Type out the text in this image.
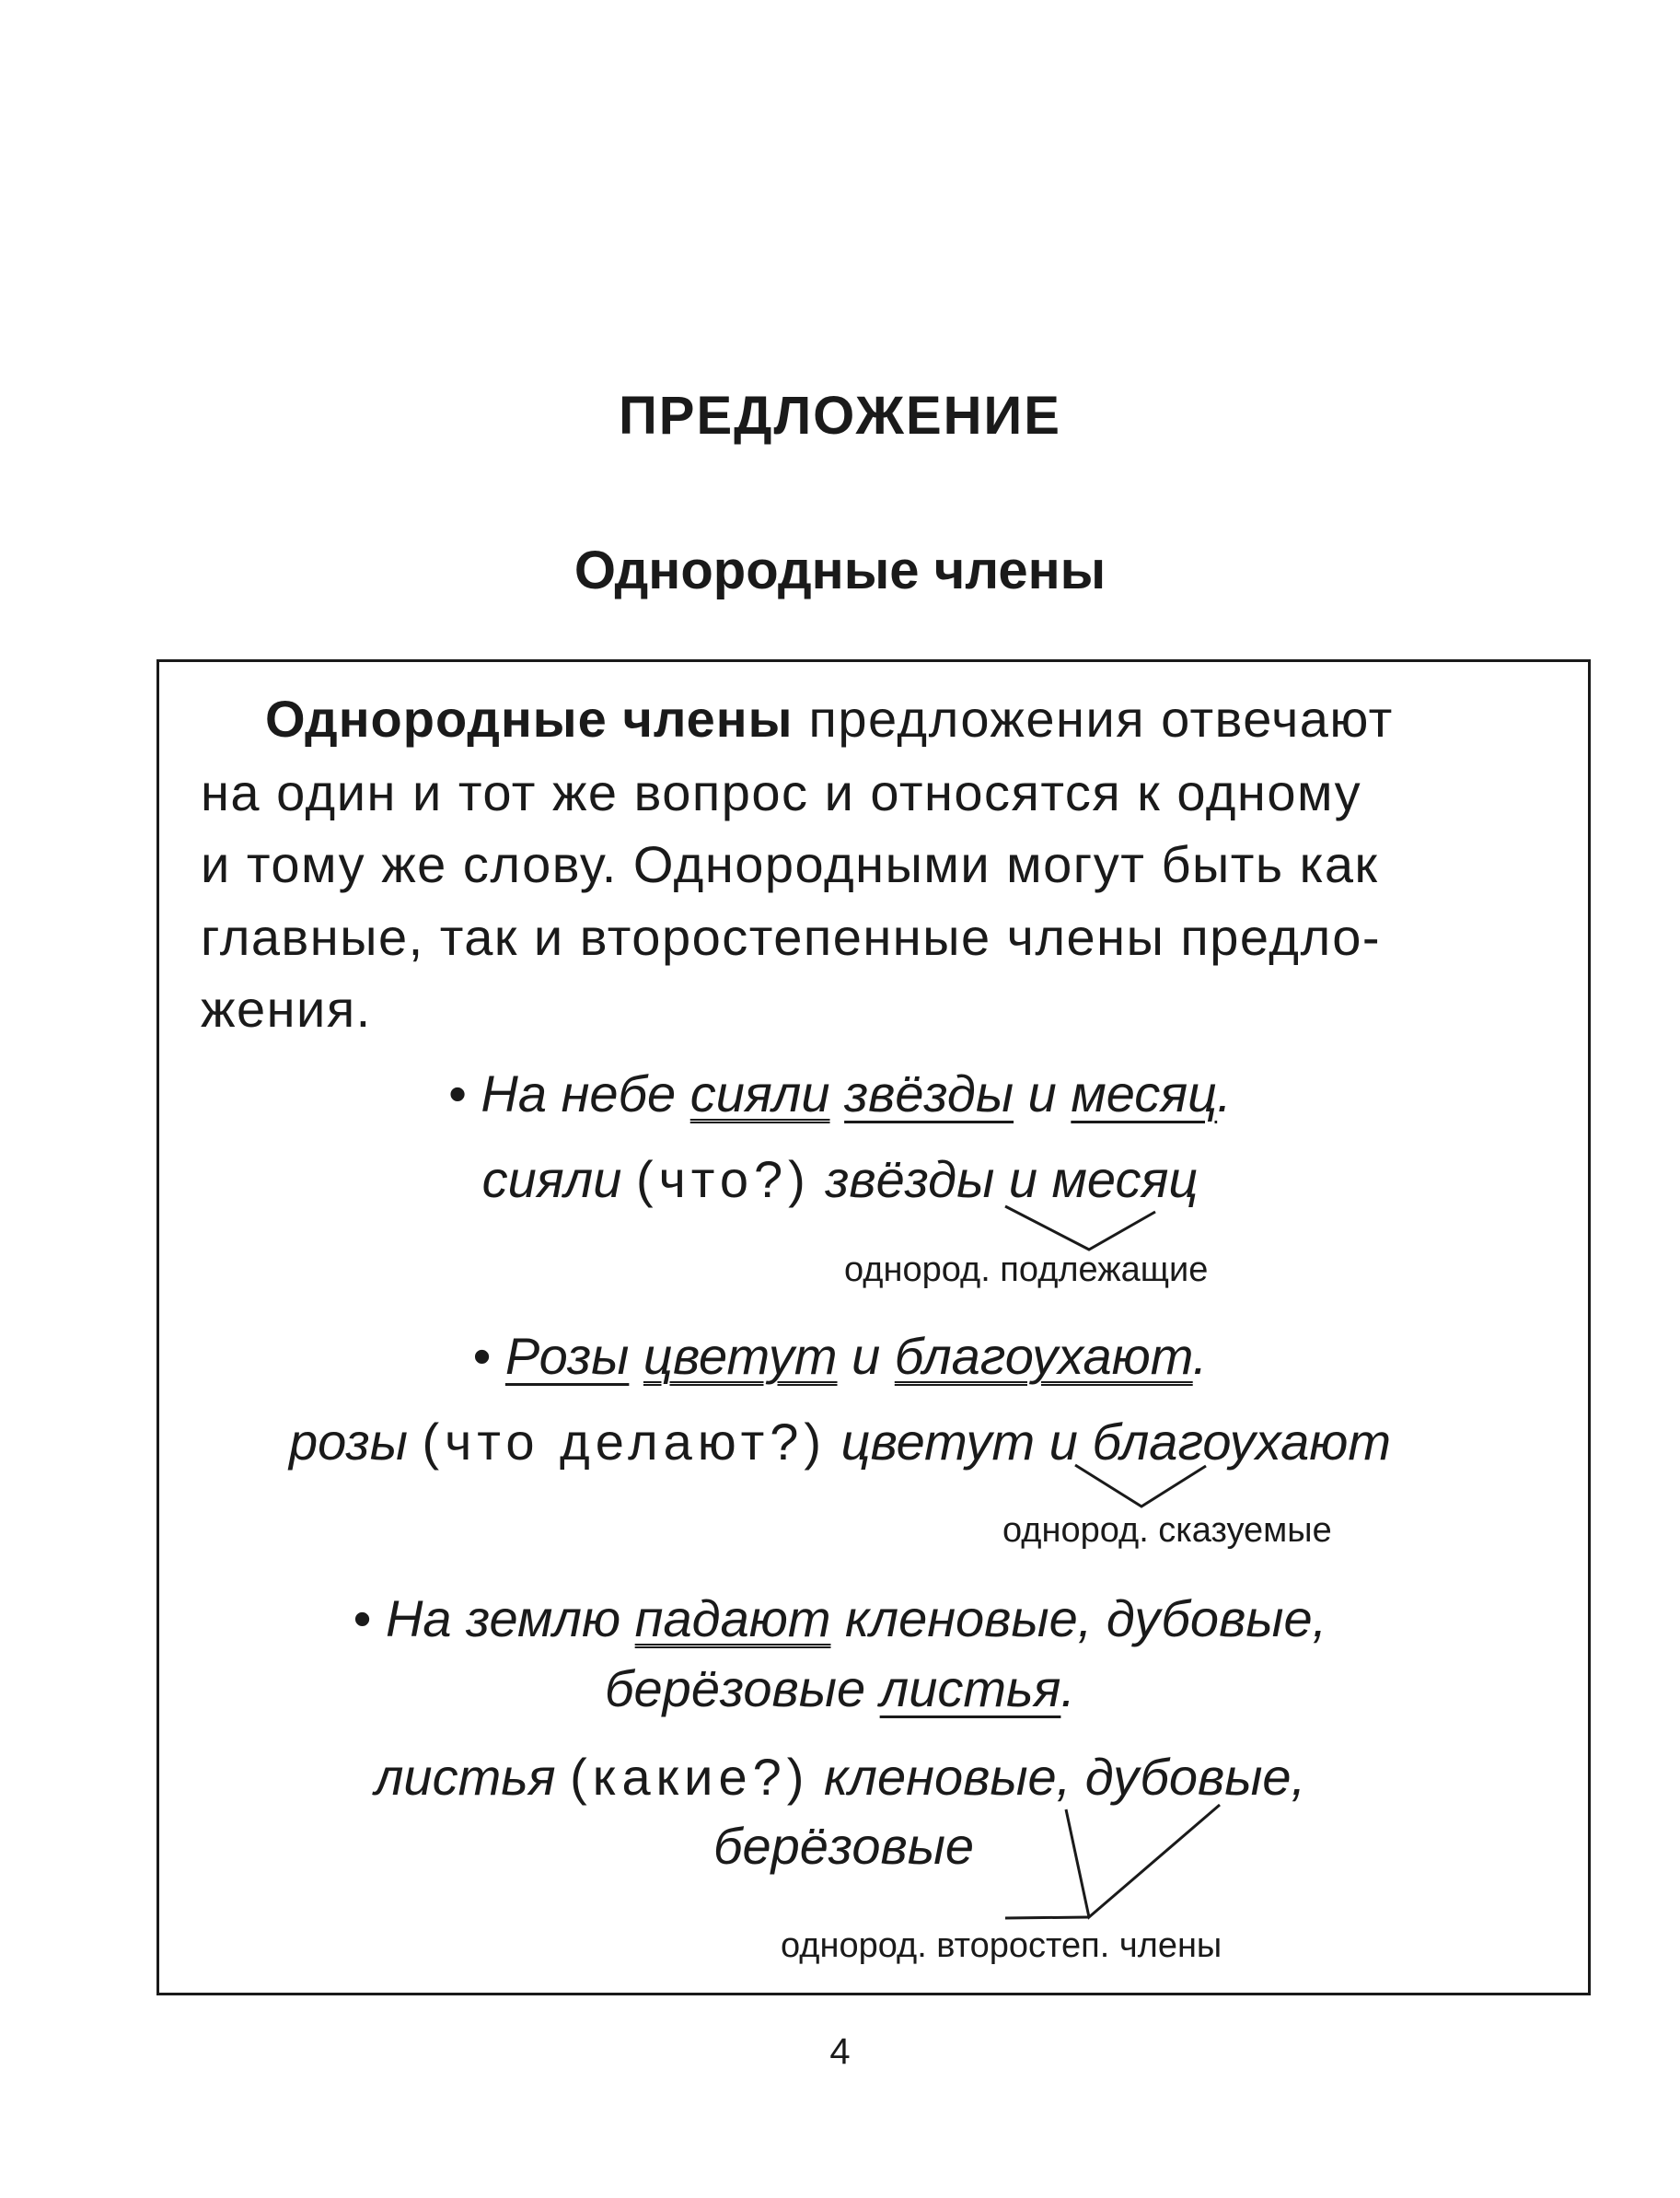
ПРЕДЛОЖЕНИЕ
Однородные члены
Однородные члены предложения отвечают
на один и тот же вопрос и относятся к одному
и тому же слову. Однородными могут быть как
главные, так и второстепенные члены предло-
жения.
• На небе сияли звёзды и месяц.
сияли (что?) звёзды и месяц
однород. подлежащие
• Розы цветут и благоухают.
розы (что делают?) цветут и благоухают
однород. сказуемые
• На землю падают кленовые, дубовые,
берёзовые листья.
листья (какие?) кленовые, дубовые,
берёзовые
однород. второстеп. члены
4
